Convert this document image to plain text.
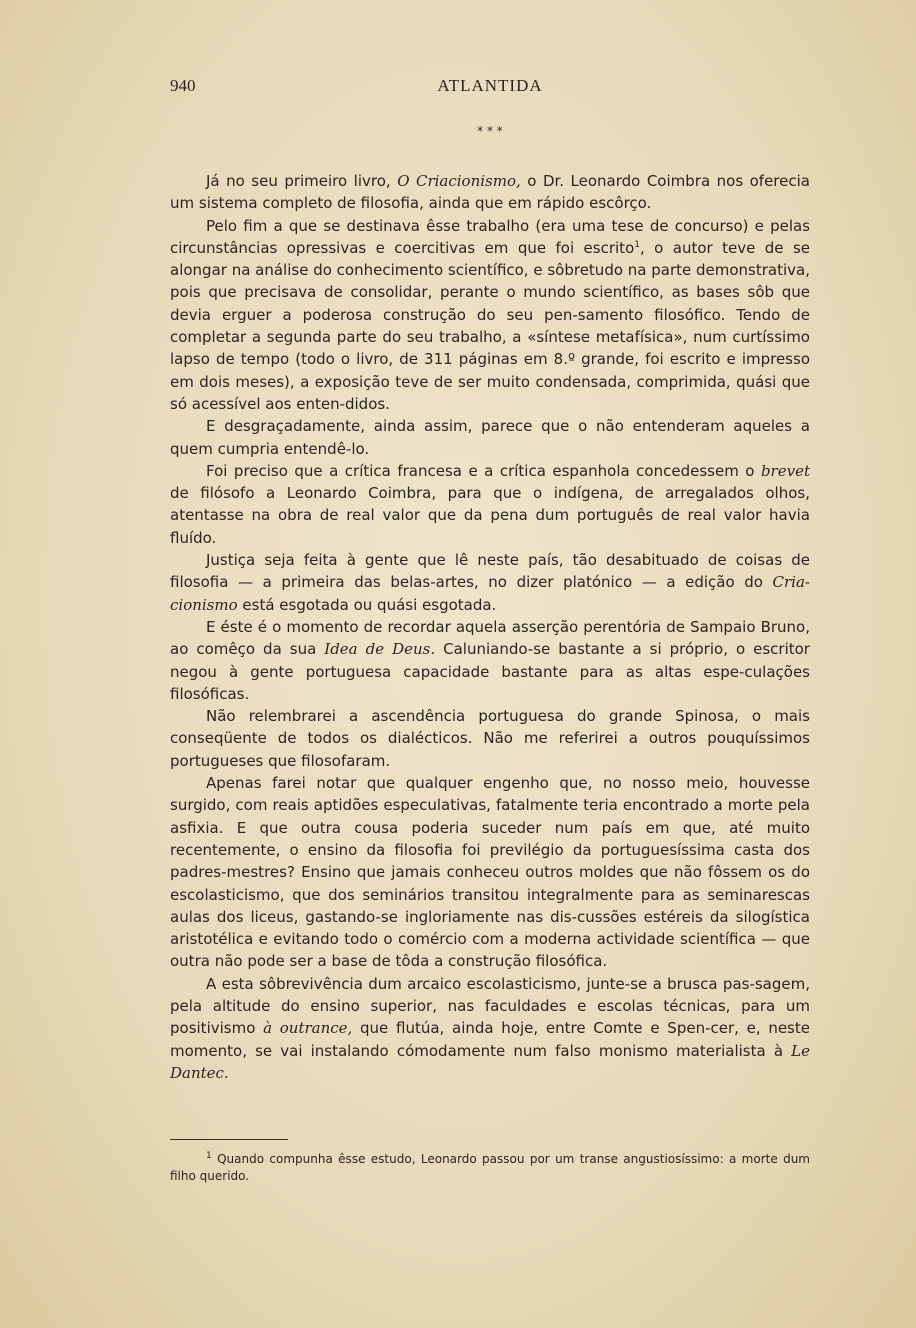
940	ATLANTIDA
* * *

Já no seu primeiro livro, O Criacionismo, o Dr. Leonardo Coimbra nos oferecia um sistema completo de filosofia, ainda que em rápido escôrço.

Pelo fim a que se destinava êsse trabalho (era uma tese de concurso) e pelas circunstâncias opressivas e coercitivas em que foi escrito$^1$, o autor teve de se alongar na análise do conhecimento scientífico, e sôbretudo na parte demonstrativa, pois que precisava de consolidar, perante o mundo scientífico, as bases sôb que devia erguer a poderosa construção do seu pen-samento filosófico. Tendo de completar a segunda parte do seu trabalho, a «síntese metafísica», num curtíssimo lapso de tempo (todo o livro, de 311 páginas em 8.º grande, foi escrito e impresso em dois meses), a exposição teve de ser muito condensada, comprimida, quási que só acessível aos enten-didos.

E desgraçadamente, ainda assim, parece que o não entenderam aqueles a quem cumpria entendê-lo.

Foi preciso que a crítica francesa e a crítica espanhola concedessem o brevetde filósofo a Leonardo Coimbra, para que o indígena, de arregalados olhos, atentasse na obra de real valor que da pena dum português de real valor havia fluído.

Justiça seja feita à gente que lê neste país, tão desabituado de coisas de filosofia — a primeira das belas-artes, no dizer platónico — a edição do Cria-cionismo está esgotada ou quási esgotada.

E éste é o momento de recordar aquela asserção perentória de Sampaio Bruno, ao comêço da sua Idea de Deus. Caluniando-se bastante a si próprio, o escritor negou à gente portuguesa capacidade bastante para as altas espe-culações filosóficas.

Não relembrarei a ascendência portuguesa do grande Spinosa, o mais conseqüente de todos os dialécticos. Não me referirei a outros pouquíssimos portugueses que filosofaram.

Apenas farei notar que qualquer engenho que, no nosso meio, houvesse surgido, com reais aptidões especulativas, fatalmente teria encontrado a morte pela asfixia. E que outra cousa poderia suceder num país em que, até muito recentemente, o ensino da filosofia foi previlégio da portuguesíssima casta dos padres-mestres? Ensino que jamais conheceu outros moldes que não fôssem os do escolasticismo, que dos seminários transitou integralmente para as seminarescas aulas dos liceus, gastando-se ingloriamente nas dis-cussões estéreis da silogística aristotélica e evitando todo o comércio com a moderna actividade scientífica — que outra não pode ser a base de tôda a construção filosófica.

A esta sôbrevivência dum arcaico escolasticismo, junte-se a brusca pas-sagem, pela altitude do ensino superior, nas faculdades e escolas técnicas, para um positivismo à outrance, que flutúa, ainda hoje, entre Comte e Spen-cer, e, neste momento, se vai instalando cómodamente num falso monismo materialista à Le Dantec.

$^1$ Quando compunha êsse estudo, Leonardo passou por um transe angustiosíssimo: a morte dum filho querido.
